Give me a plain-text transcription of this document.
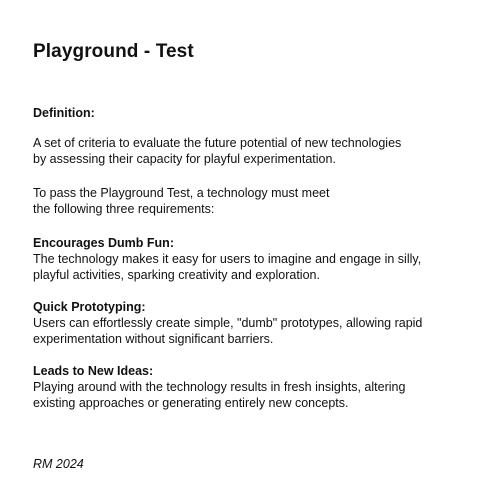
Playground - Test
Definition:
A set of criteria to evaluate the future potential of new technologies
by assessing their capacity for playful experimentation.
To pass the Playground Test, a technology must meet
the following three requirements:
Encourages Dumb Fun:
The technology makes it easy for users to imagine and engage in silly,
playful activities, sparking creativity and exploration.
Quick Prototyping:
Users can effortlessly create simple, "dumb" prototypes, allowing rapid
experimentation without significant barriers.
Leads to New Ideas:
Playing around with the technology results in fresh insights, altering
existing approaches or generating entirely new concepts.
RM 2024
